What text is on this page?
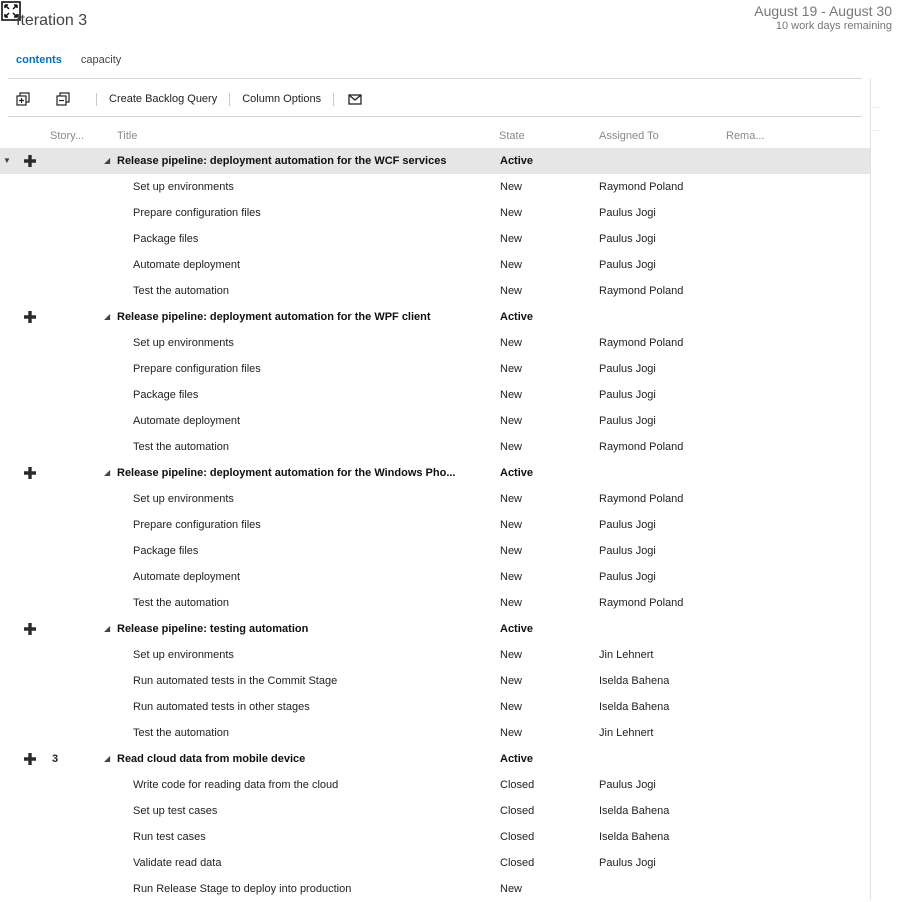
Iteration 3
August 19 - August 30
10 work days remaining
contents capacity
Create Backlog Query Column Options
Story...	Title	State	Assigned To	Rema...
▼	◢ Release pipeline: deployment automation for the WCF services	Active
Set up environments	New	Raymond Poland
Prepare configuration files	New	Paulus Jogi
Package files	New	Paulus Jogi
Automate deployment	New	Paulus Jogi
Test the automation	New	Raymond Poland
◢ Release pipeline: deployment automation for the WPF client	Active
Set up environments	New	Raymond Poland
Prepare configuration files	New	Paulus Jogi
Package files	New	Paulus Jogi
Automate deployment	New	Paulus Jogi
Test the automation	New	Raymond Poland
◢ Release pipeline: deployment automation for the Windows Pho...	Active
Set up environments	New	Raymond Poland
Prepare configuration files	New	Paulus Jogi
Package files	New	Paulus Jogi
Automate deployment	New	Paulus Jogi
Test the automation	New	Raymond Poland
◢ Release pipeline: testing automation	Active
Set up environments	New	Jin Lehnert
Run automated tests in the Commit Stage	New	Iselda Bahena
Run automated tests in other stages	New	Iselda Bahena
Test the automation	New	Jin Lehnert
3	◢ Read cloud data from mobile device	Active
Write code for reading data from the cloud	Closed	Paulus Jogi
Set up test cases	Closed	Iselda Bahena
Run test cases	Closed	Iselda Bahena
Validate read data	Closed	Paulus Jogi
Run Release Stage to deploy into production	New
